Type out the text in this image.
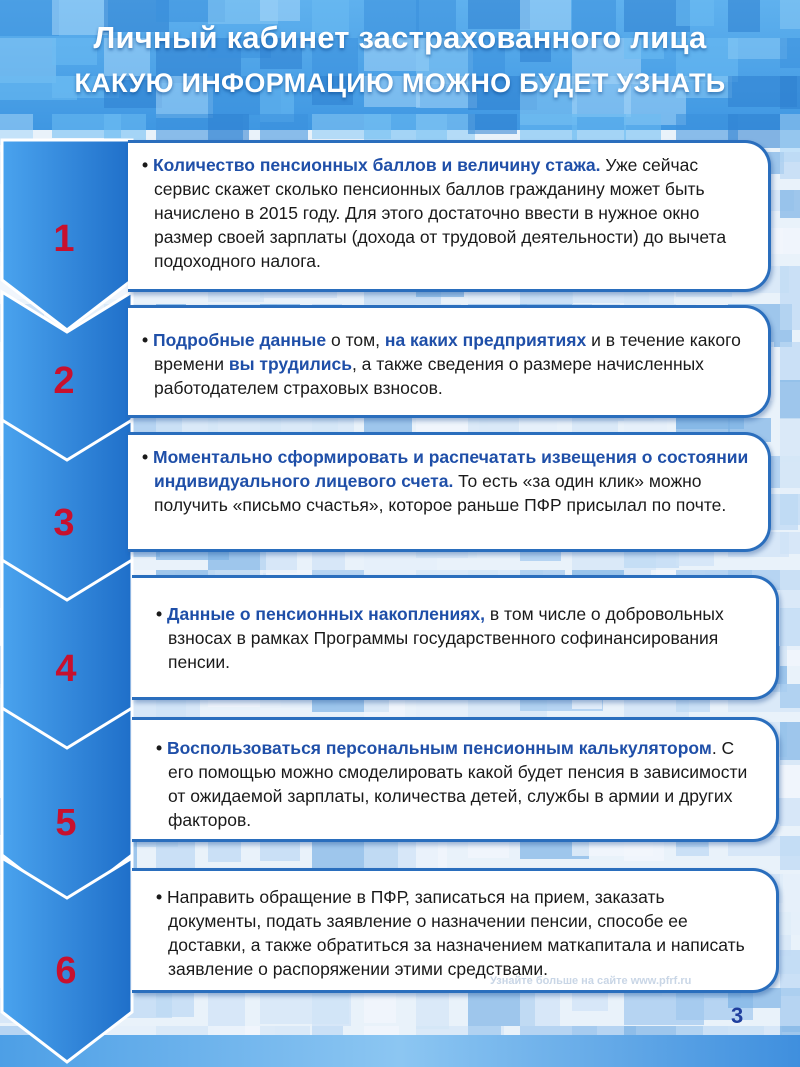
Личный кабинет застрахованного лица
КАКУЮ ИНФОРМАЦИЮ МОЖНО БУДЕТ УЗНАТЬ
1
2
3
4
5
6

• Количество пенсионных баллов и величину стажа. Уже сейчас сервис скажет сколько пенсионных баллов гражданину может быть начислено в 2015 году. Для этого достаточно ввести в нужное окно размер своей зарплаты (дохода от трудовой деятельности) до вычета подоходного налога.

• Подробные данные о том, на каких предприятиях и в течение какого времени вы трудились, а также сведения о размере начисленных работодателем страховых взносов.

• Моментально сформировать и распечатать извещения о состоянии индивидуального лицевого счета. То есть «за один клик» можно получить «письмо счастья», которое раньше ПФР присылал по почте.

• Данные о пенсионных накоплениях, в том числе о добровольных взносах в рамках Программы государственного софинансирования пенсии.

• Воспользоваться персональным пенсионным калькулятором. С его помощью можно смоделировать какой будет пенсия в зависимости от ожидаемой зарплаты, количества детей, службы в армии и других факторов.

• Направить обращение в ПФР, записаться на прием, заказать документы, подать заявление о назначении пенсии, способе ее доставки, а также обратиться за назначением маткапитала и написать заявление о распоряжении этими средствами.

Узнайте больше на сайте www.pfrf.ru
3
